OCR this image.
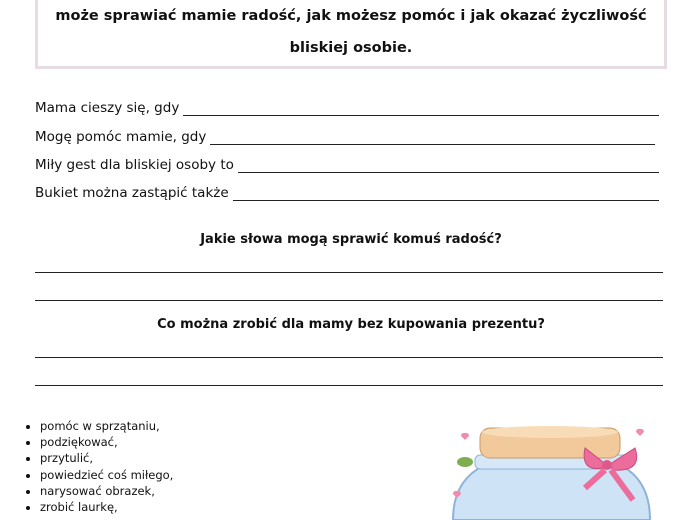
może sprawiać mamie radość, jak możesz pomóc i jak okazać życzliwość
bliskiej osobie.
Mama cieszy się, gdy
Mogę pomóc mamie, gdy
Miły gest dla bliskiej osoby to
Bukiet można zastąpić także
Jakie słowa mogą sprawić komuś radość?
Co można zrobić dla mamy bez kupowania prezentu?
• pomóc w sprzątaniu,
• podziękować,
• przytulić,
• powiedzieć coś miłego,
• narysować obrazek,
• zrobić laurkę,
